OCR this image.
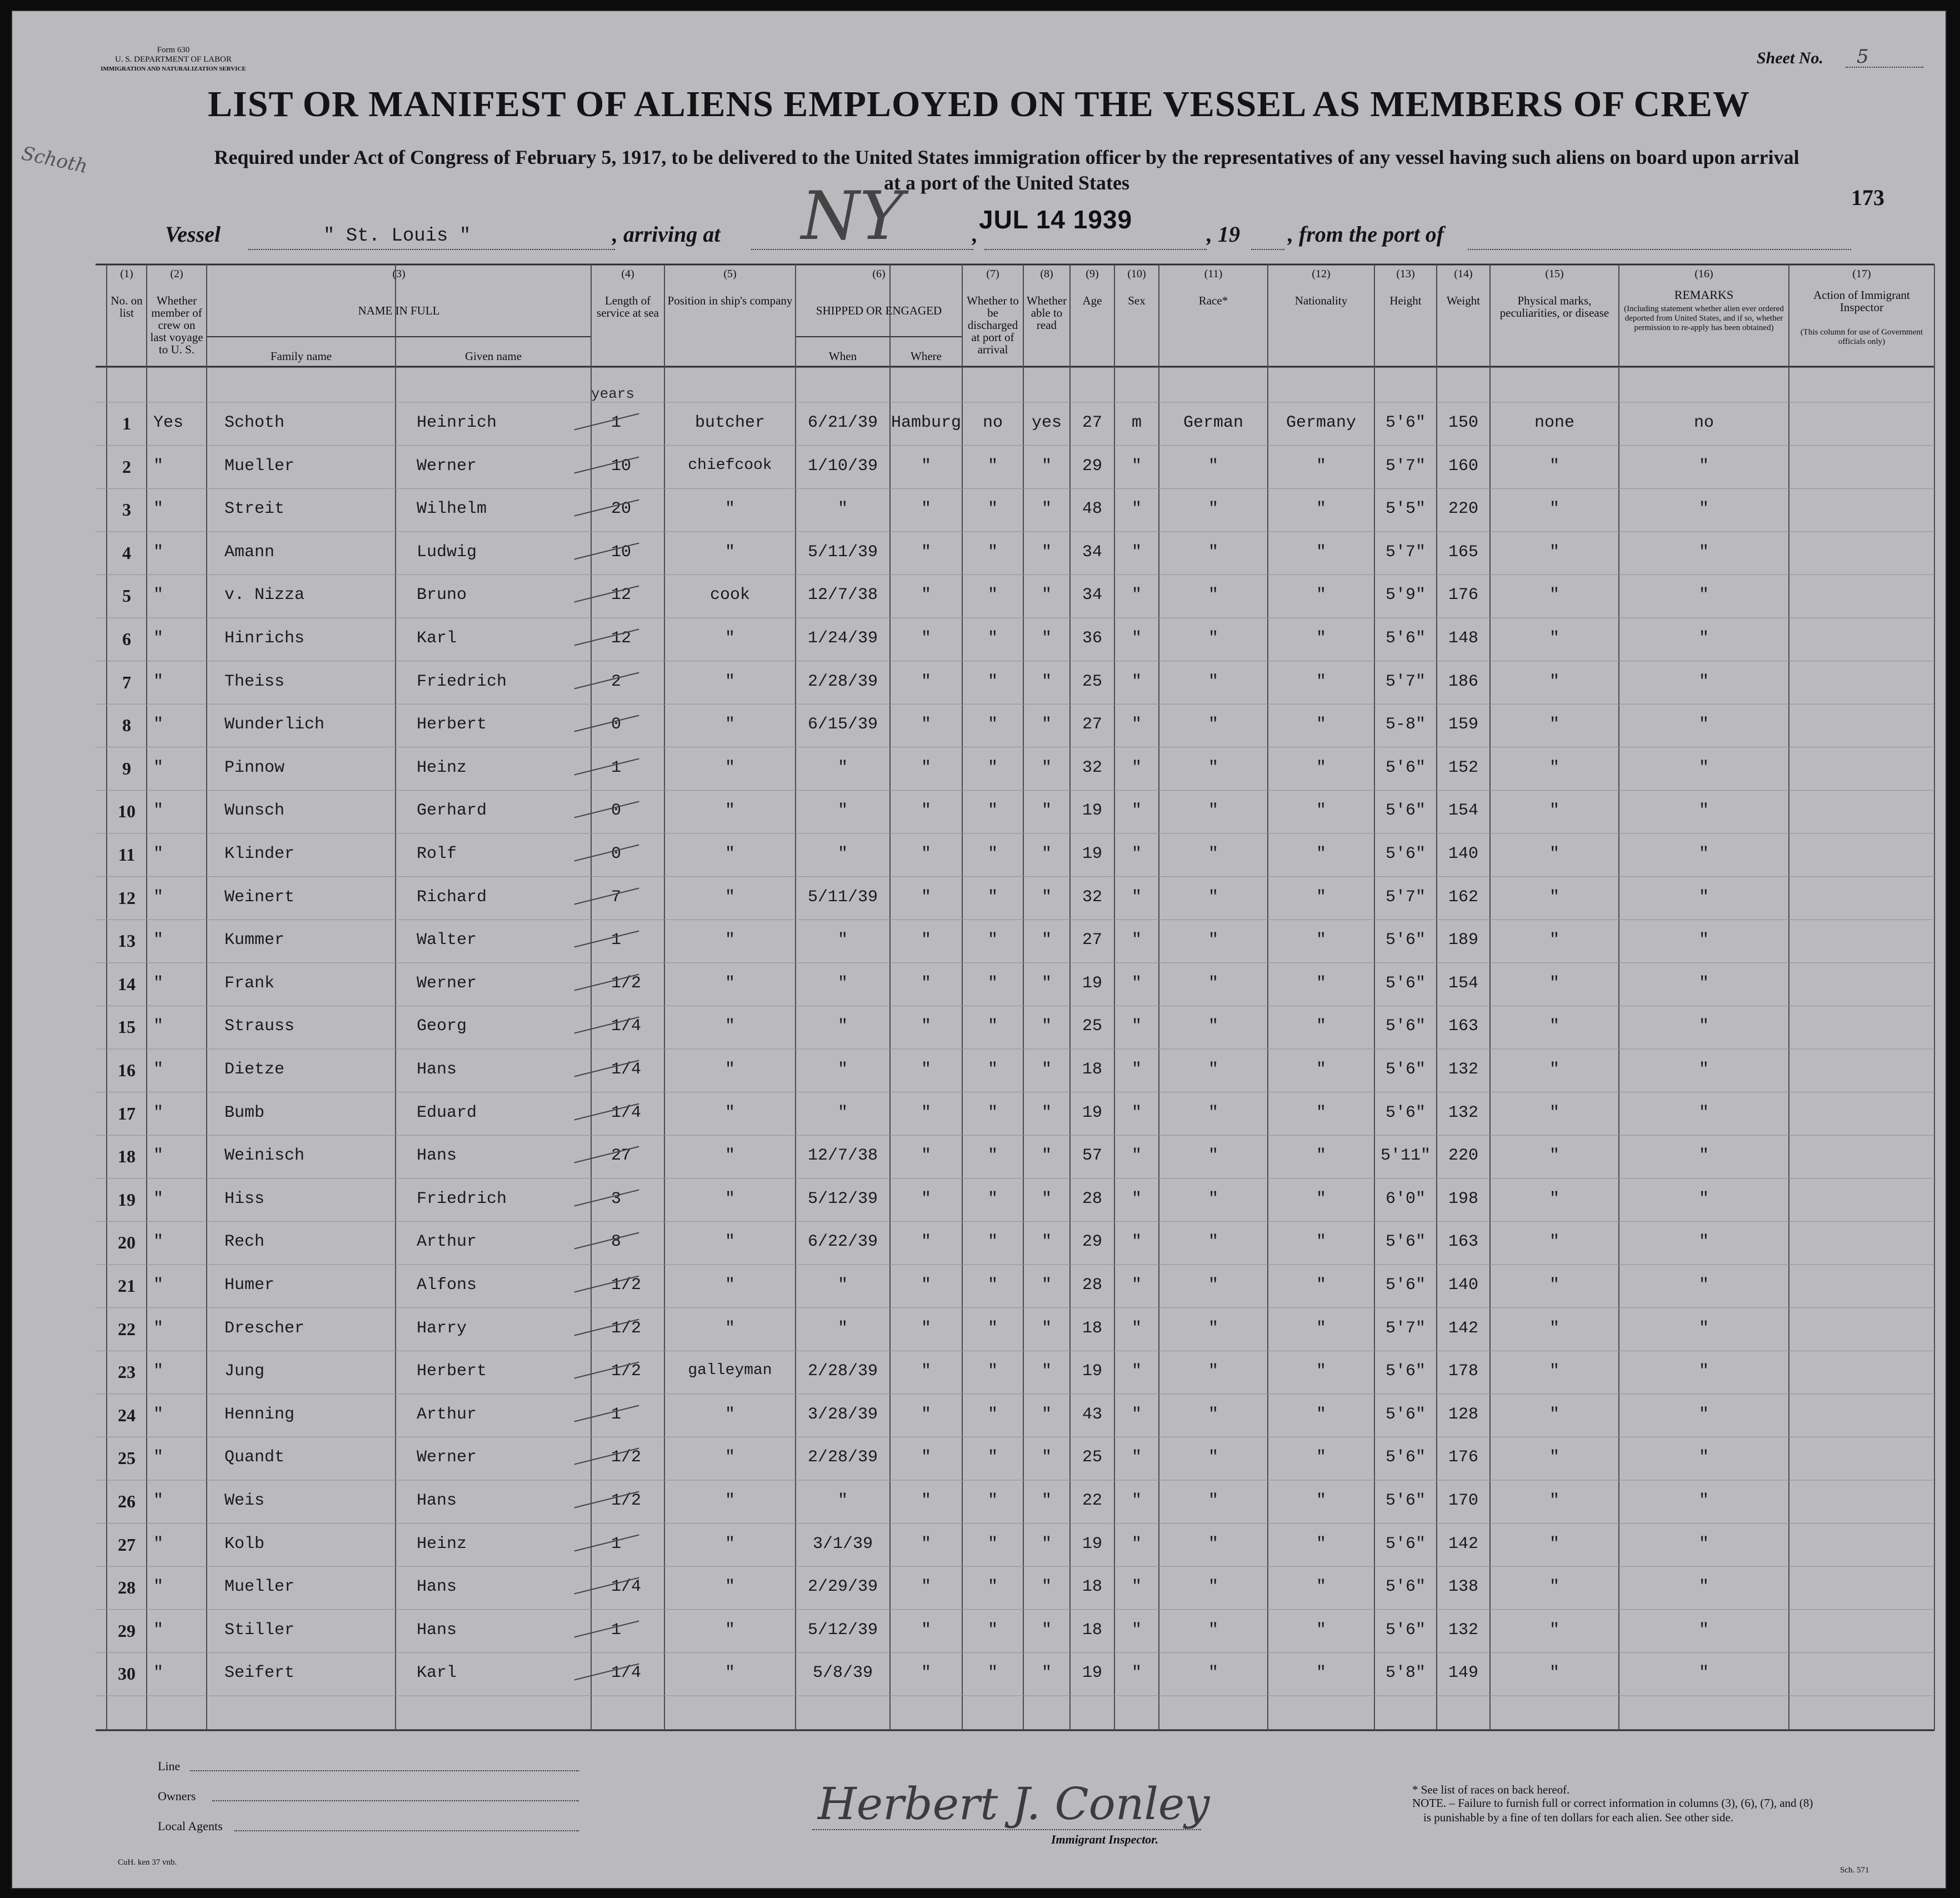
Form 630
U. S. DEPARTMENT OF LABOR
IMMIGRATION AND NATURALIZATION SERVICE
Schoth
LIST OR MANIFEST OF ALIENS EMPLOYED ON THE VESSEL AS MEMBERS OF CREW
Required under Act of Congress of February 5, 1917, to be delivered to the United States immigration officer by the representatives of any vessel having such aliens on board upon arrival
at a port of the United States
Sheet No. 5
173
Vessel	" St. Louis "	, arriving at NY	,
JUL 14 1939
, 19 , from the port of
(1)
No. on list
(2)
Whether member of crew on last voyage to U. S.
(3)
NAME IN FULL
Family name	Given name
(4)
Length of service at sea
(5)
Position in ship's company
(6)
SHIPPED OR ENGAGED
When	Where
(7)
Whether to be discharged at port of arrival
(8)
Whether able to read
(9)
Age
(10)
Sex
(11)
Race*
(12)
Nationality
(13)
Height
(14)
Weight
(15)
Physical marks, peculiarities, or disease
(16)
REMARKS
(Including statement whether alien ever ordered deported from United States, and if so, whether permission to re-apply has been obtained)
(17)
Action of Immigrant Inspector
(This column for use of Government officials only)
years
1	Yes	Schoth	Heinrich	1	butcher	6/21/39 Hamburg	no	yes	27	m	German	Germany	5'6"	150	none	no
2	"	Mueller	Werner	10	chiefcook	1/10/39	"	"	"	29	"	"	"	5'7"	160	"	"
3	"	Streit	Wilhelm	20	"	"	"	"	"	48	"	"	"	5'5"	220	"	"
4	"	Amann	Ludwig	10	"	5/11/39	"	"	"	34	"	"	"	5'7"	165	"	"
5	"	v. Nizza	Bruno	12	cook	12/7/38	"	"	"	34	"	"	"	5'9"	176	"	"
6	"	Hinrichs	Karl	12	"	1/24/39	"	"	"	36	"	"	"	5'6"	148	"	"
7	"	Theiss	Friedrich	2	"	2/28/39	"	"	"	25	"	"	"	5'7"	186	"	"
8	"	Wunderlich	Herbert	0	"	6/15/39	"	"	"	27	"	"	"	5-8"	159	"	"
9	"	Pinnow	Heinz	1	"	"	"	"	"	32	"	"	"	5'6"	152	"	"
10	"	Wunsch	Gerhard	0	"	"	"	"	"	19	"	"	"	5'6"	154	"	"
11	"	Klinder	Rolf	0	"	"	"	"	"	19	"	"	"	5'6"	140	"	"
12	"	Weinert	Richard	7	"	5/11/39	"	"	"	32	"	"	"	5'7"	162	"	"
13	"	Kummer	Walter	1	"	"	"	"	"	27	"	"	"	5'6"	189	"	"
14	"	Frank	Werner	1/2	"	"	"	"	"	19	"	"	"	5'6"	154	"	"
15	"	Strauss	Georg	1/4	"	"	"	"	"	25	"	"	"	5'6"	163	"	"
16	"	Dietze	Hans	1/4	"	"	"	"	"	18	"	"	"	5'6"	132	"	"
17	"	Bumb	Eduard	1/4	"	"	"	"	"	19	"	"	"	5'6"	132	"	"
18	"	Weinisch	Hans	27	"	12/7/38	"	"	"	57	"	"	"	5'11"	220	"	"
19	"	Hiss	Friedrich	3	"	5/12/39	"	"	"	28	"	"	"	6'0"	198	"	"
20	"	Rech	Arthur	8	"	6/22/39	"	"	"	29	"	"	"	5'6"	163	"	"
21	"	Humer	Alfons	1/2	"	"	"	"	"	28	"	"	"	5'6"	140	"	"
22	"	Drescher	Harry	1/2	"	"	"	"	"	18	"	"	"	5'7"	142	"	"
23	"	Jung	Herbert	1/2	galleyman	2/28/39	"	"	"	19	"	"	"	5'6"	178	"	"
24	"	Henning	Arthur	1	"	3/28/39	"	"	"	43	"	"	"	5'6"	128	"	"
25	"	Quandt	Werner	1/2	"	2/28/39	"	"	"	25	"	"	"	5'6"	176	"	"
26	"	Weis	Hans	1/2	"	"	"	"	"	22	"	"	"	5'6"	170	"	"
27	"	Kolb	Heinz	1	"	3/1/39	"	"	"	19	"	"	"	5'6"	142	"	"
28	"	Mueller	Hans	1/4	"	2/29/39	"	"	"	18	"	"	"	5'6"	138	"	"
29	"	Stiller	Hans	1	"	5/12/39	"	"	"	18	"	"	"	5'6"	132	"	"
30	"	Seifert	Karl	1/4	"	5/8/39	"	"	"	19	"	"	"	5'8"	149	"	"
Line
Owners
Local Agents	Herbert J. Conley
Immigrant Inspector.
* See list of races on back hereof.
NOTE. – Failure to furnish full or correct information in columns (3), (6), (7), and (8)
is punishable by a fine of ten dollars for each alien. See other side.
CuH. ken 37 vnb.
Sch. 571
